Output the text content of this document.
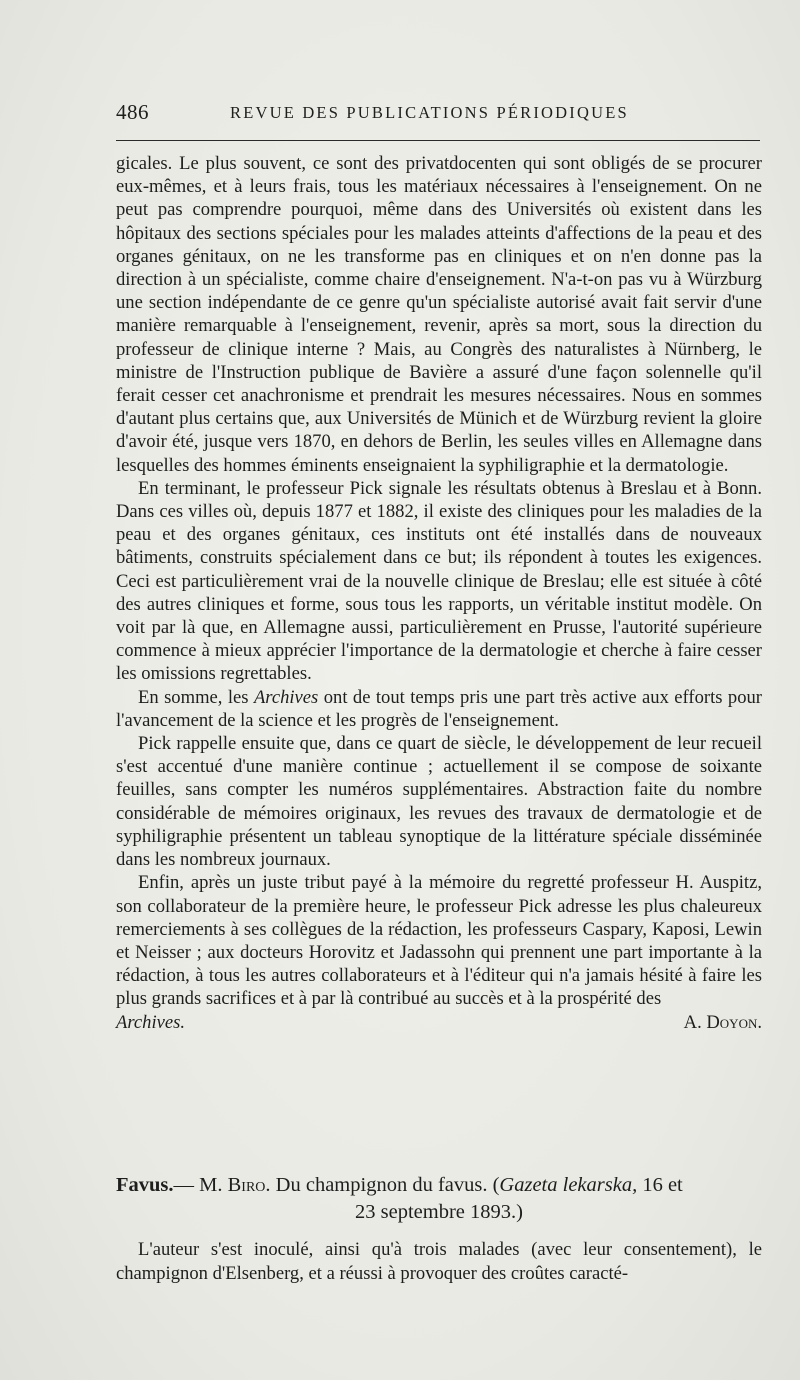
486	REVUE DES PUBLICATIONS PÉRIODIQUES

gicales. Le plus souvent, ce sont des privatdocenten qui sont obligés de se procurer eux-mêmes, et à leurs frais, tous les matériaux nécessaires à l'enseignement. On ne peut pas comprendre pourquoi, même dans des Universités où existent dans les hôpitaux des sections spéciales pour les malades atteints d'affections de la peau et des organes génitaux, on ne les transforme pas en cliniques et on n'en donne pas la direction à un spécialiste, comme chaire d'enseignement. N'a-t-on pas vu à Würzburg une section indépendante de ce genre qu'un spécialiste autorisé avait fait servir d'une manière remarquable à l'enseignement, revenir, après sa mort, sous la direction du professeur de clinique interne ? Mais, au Congrès des naturalistes à Nürnberg, le ministre de l'Instruction publique de Bavière a assuré d'une façon solennelle qu'il ferait cesser cet anachronisme et prendrait les mesures nécessaires. Nous en sommes d'autant plus certains que, aux Universités de Münich et de Würzburg revient la gloire d'avoir été, jusque vers 1870, en dehors de Berlin, les seules villes en Allemagne dans lesquelles des hommes éminents enseignaient la syphiligraphie et la dermatologie.

En terminant, le professeur Pick signale les résultats obtenus à Breslau et à Bonn. Dans ces villes où, depuis 1877 et 1882, il existe des cliniques pour les maladies de la peau et des organes génitaux, ces instituts ont été installés dans de nouveaux bâtiments, construits spécialement dans ce but; ils répondent à toutes les exigences. Ceci est particulièrement vrai de la nouvelle clinique de Breslau; elle est située à côté des autres cliniques et forme, sous tous les rapports, un véritable institut modèle. On voit par là que, en Allemagne aussi, particulièrement en Prusse, l'autorité supérieure commence à mieux apprécier l'importance de la dermatologie et cherche à faire cesser les omissions regrettables.

En somme, les Archives ont de tout temps pris une part très active aux efforts pour l'avancement de la science et les progrès de l'enseignement.

Pick rappelle ensuite que, dans ce quart de siècle, le développement de leur recueil s'est accentué d'une manière continue ; actuellement il se compose de soixante feuilles, sans compter les numéros supplémentaires. Abstraction faite du nombre considérable de mémoires originaux, les revues des travaux de dermatologie et de syphiligraphie présentent un tableau synoptique de la littérature spéciale disséminée dans les nombreux journaux.

Enfin, après un juste tribut payé à la mémoire du regretté professeur H. Auspitz, son collaborateur de la première heure, le professeur Pick adresse les plus chaleureux remerciements à ses collègues de la rédaction, les professeurs Caspary, Kaposi, Lewin et Neisser ; aux docteurs Horovitz et Jadassohn qui prennent une part importante à la rédaction, à tous les autres collaborateurs et à l'éditeur qui n'a jamais hésité à faire les plus grands sacrifices et à par là contribué au succès et à la prospérité des

Archives.	A. Doyon.

Favus.— M. Biro. Du champignon du favus. (Gazeta lekarska, 16 et
23 septembre 1893.)

L'auteur s'est inoculé, ainsi qu'à trois malades (avec leur consentement), le champignon d'Elsenberg, et a réussi à provoquer des croûtes caracté-
